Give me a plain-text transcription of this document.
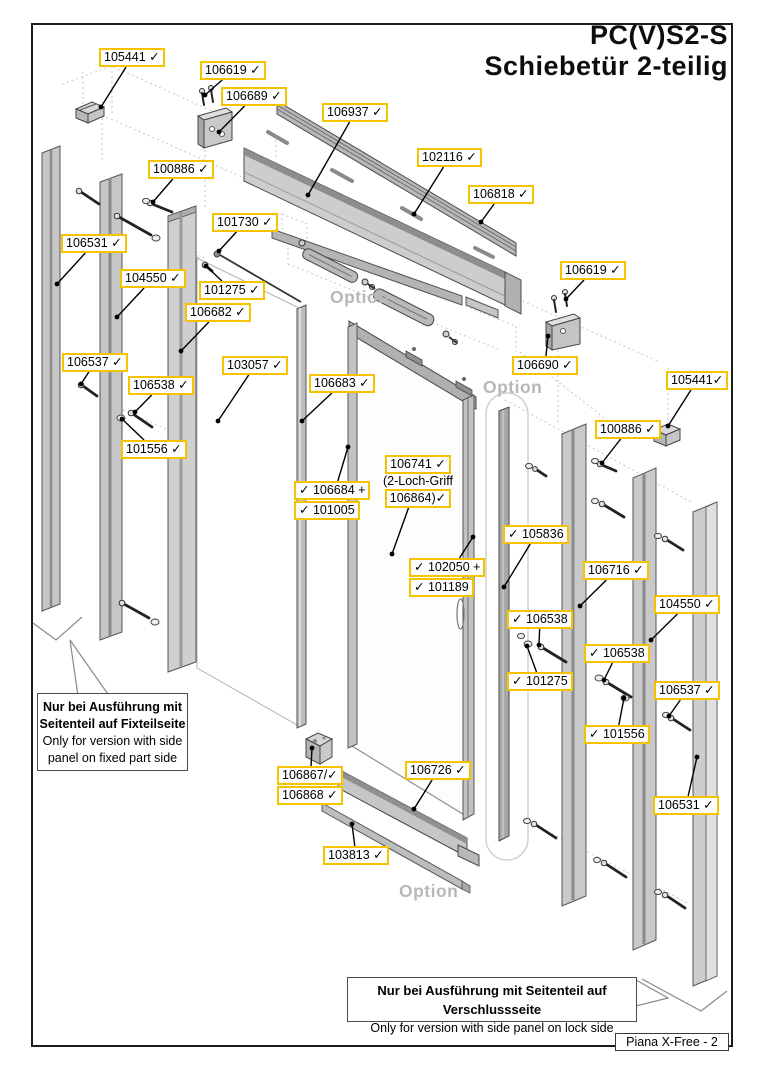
PC(V)S2-S
Schiebetür 2-teilig
105441 ✓
106619 ✓
106689 ✓
106937 ✓
102116 ✓
106818 ✓
100886 ✓
101730 ✓
101275 ✓
106531 ✓
104550 ✓
106682 ✓
106537 ✓
106538 ✓
101556 ✓
103057 ✓
106683 ✓
✓ 106684 +
✓ 101005
106741 ✓
(2-Loch-Griff
106864)✓
✓ 102050 +
✓ 101189
✓ 105836
106716 ✓
104550 ✓
✓ 106538
✓ 106538
✓ 101275
106537 ✓
✓ 101556
106531 ✓
106619 ✓
106690 ✓
105441✓
100886 ✓
106867/✓
106868 ✓
106726 ✓
103813 ✓
Option
Option
Option
Nur bei Ausführung mit
Seitenteil auf Fixteilseite
Only for version with side
panel on fixed part side
Nur bei Ausführung mit Seitenteil auf Verschlussseite
Only for version with side panel on lock side
Piana X-Free - 2
